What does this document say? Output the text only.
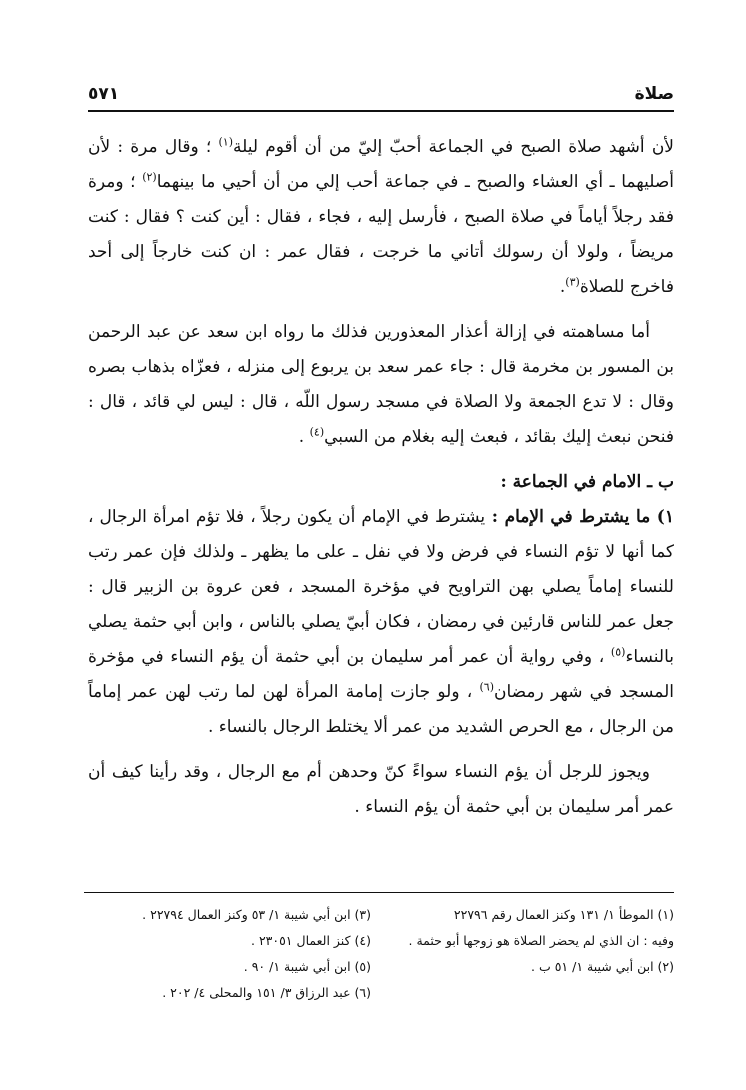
٥٧١	صلاة

لأن أشهد صلاة الصبح في الجماعة أحبّ إليّ من أن أقوم ليلة$^{(١)}$ ؛ وقال مرة : لأن أصليهما ـ أي العشاء والصبح ـ في جماعة أحب إلي من أن أحيي ما بينهما$^{(٢)}$ ؛ ومرة فقد رجلاً أياماً في صلاة الصبح ، فأرسل إليه ، فجاء ، فقال : أين كنت ؟ فقال : كنت مريضاً ، ولولا أن رسولك أتاني ما خرجت ، فقال عمر : ان كنت خارجاً إلى أحد فاخرج للصلاة$^{(٣)}$.

أما مساهمته في إزالة أعذار المعذورين فذلك ما رواه ابن سعد عن عبد الرحمن بن المسور بن مخرمة قال : جاء عمر سعد بن يربوع إلى منزله ، فعزّاه بذهاب بصره وقال : لا تدع الجمعة ولا الصلاة في مسجد رسول اللّه ، قال : ليس لي قائد ، قال : فنحن نبعث إليك بقائد ، فبعث إليه بغلام من السبي$^{(٤)}$ .

ب ـ الامام في الجماعة :

١) ما يشترط في الإمام : يشترط في الإمام أن يكون رجلاً ، فلا تؤم امرأة الرجال ، كما أنها لا تؤم النساء في فرض ولا في نفل ـ على ما يظهر ـ ولذلك فإن عمر رتب للنساء إماماً يصلي بهن التراويح في مؤخرة المسجد ، فعن عروة بن الزبير قال : جعل عمر للناس قارئين في رمضان ، فكان أبيّ يصلي بالناس ، وابن أبي حثمة يصلي بالنساء$^{(٥)}$ ، وفي رواية أن عمر أمر سليمان بن أبي حثمة أن يؤم النساء في مؤخرة المسجد في شهر رمضان$^{(٦)}$ ، ولو جازت إمامة المرأة لهن لما رتب لهن عمر إماماً من الرجال ، مع الحرص الشديد من عمر ألا يختلط الرجال بالنساء .

ويجوز للرجل أن يؤم النساء سواءً كنّ وحدهن أم مع الرجال ، وقد رأينا كيف أن عمر أمر سليمان بن أبي حثمة أن يؤم النساء .

(١) الموطأ ١/ ١٣١ وكنز العمال رقم ٢٢٧٩٦

وفيه : ان الذي لم يحضر الصلاة هو زوجها أبو حثمة .

(٢) ابن أبي شيبة ١/ ٥١ ب .

(٣) ابن أبي شيبة ١/ ٥٣ وكنز العمال ٢٢٧٩٤ .

(٤) كنز العمال ٢٣٠٥١ .

(٥) ابن أبي شيبة ١/ ٩٠ .

(٦) عبد الرزاق ٣/ ١٥١ والمحلى ٤/ ٢٠٢ .
